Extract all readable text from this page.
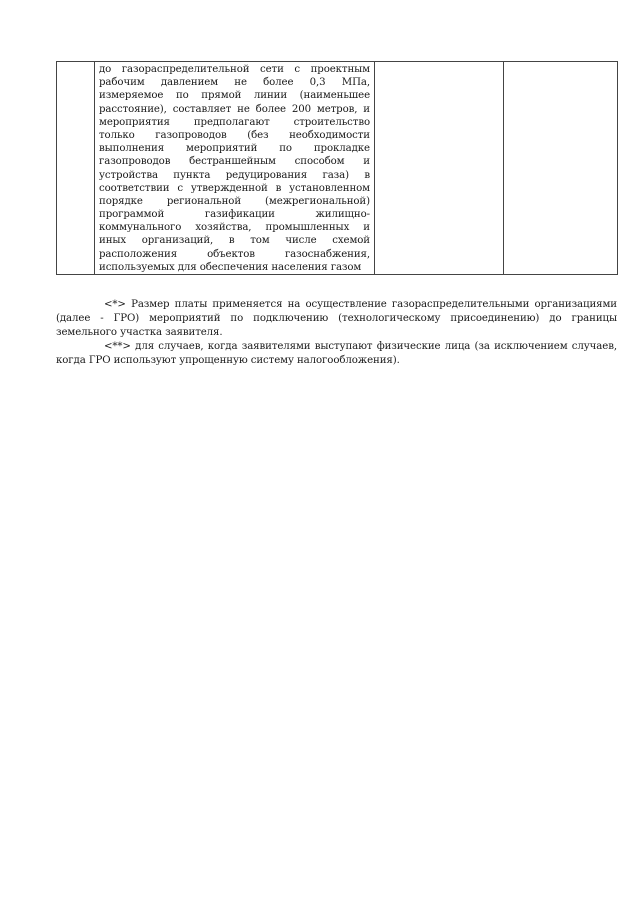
до газораспределительной сети с проектным
рабочим давлением не более 0,3 МПа,
измеряемое по прямой линии (наименьшее
расстояние), составляет не более 200 метров, и
мероприятия предполагают строительство
только газопроводов (без необходимости
выполнения мероприятий по прокладке
газопроводов бестраншейным способом и
устройства пункта редуцирования газа) в
соответствии с утвержденной в установленном
порядке региональной (межрегиональной)
программой газификации жилищно-
коммунального хозяйства, промышленных и
иных организаций, в том числе схемой
расположения объектов газоснабжения,
используемых для обеспечения населения газом

<*> Размер платы применяется на осуществление газораспределительными организациями
(далее - ГРО) мероприятий по подключению (технологическому присоединению) до границы
земельного участка заявителя.

<**> для случаев, когда заявителями выступают физические лица (за исключением случаев,
когда ГРО используют упрощенную систему налогообложения).
